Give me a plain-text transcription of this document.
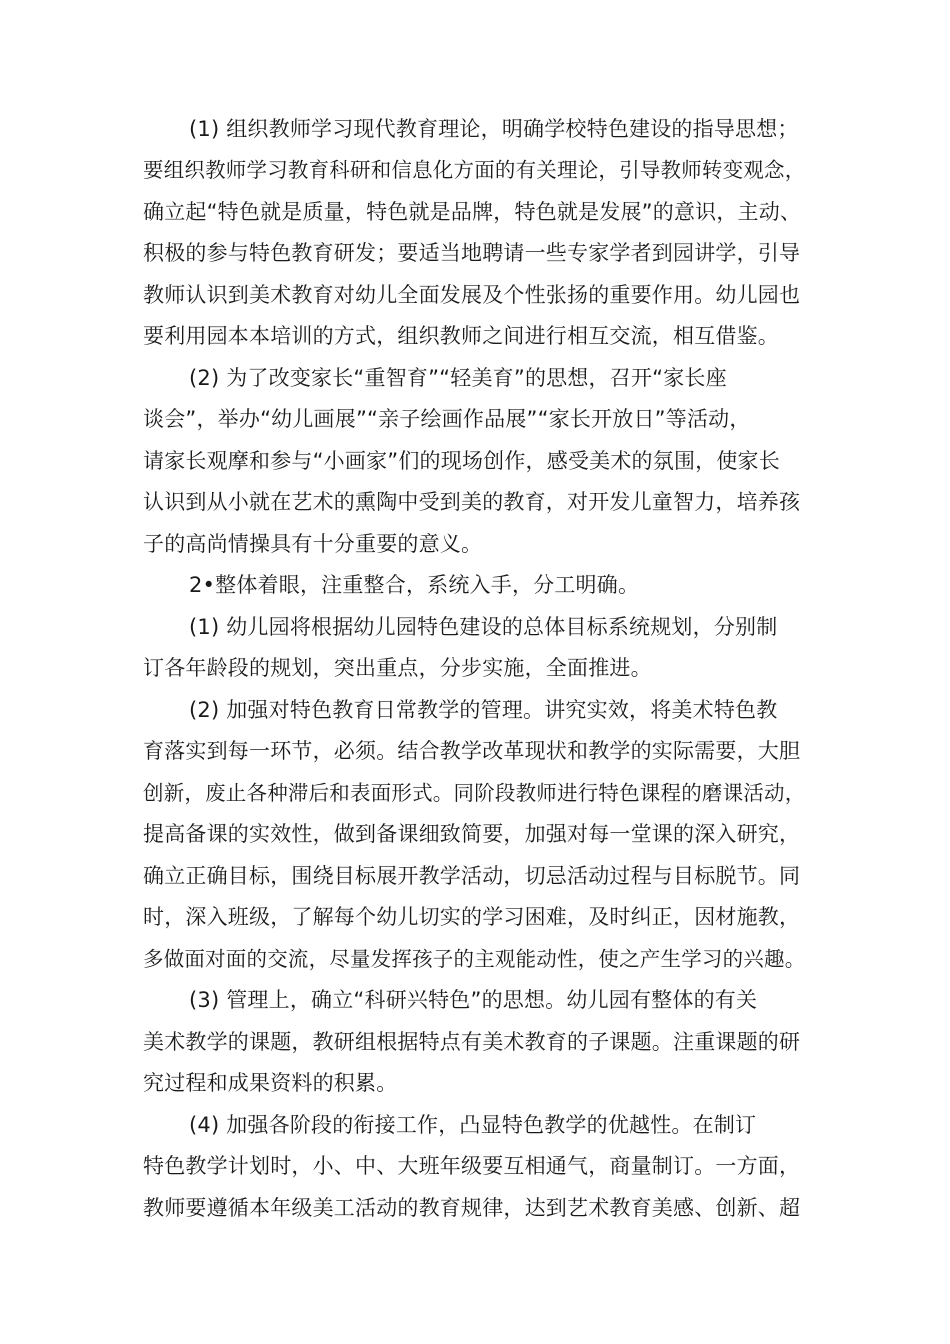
(1) 组织教师学习现代教育理论，明确学校特色建设的指导思想；

要组织教师学习教育科研和信息化方面的有关理论，引导教师转变观念，

确立起“特色就是质量，特色就是品牌，特色就是发展”的意识，主动、

积极的参与特色教育研发；要适当地聘请一些专家学者到园讲学，引导

教师认识到美术教育对幼儿全面发展及个性张扬的重要作用。幼儿园也

要利用园本本培训的方式，组织教师之间进行相互交流，相互借鉴。

(2) 为了改变家长“重智育”“轻美育”的思想，召开“家长座

谈会”，举办“幼儿画展”“亲子绘画作品展”“家长开放日”等活动，

请家长观摩和参与“小画家”们的现场创作，感受美术的氛围，使家长

认识到从小就在艺术的熏陶中受到美的教育，对开发儿童智力，培养孩

子的高尚情操具有十分重要的意义。

2•整体着眼，注重整合，系统入手，分工明确。

(1) 幼儿园将根据幼儿园特色建设的总体目标系统规划，分别制

订各年龄段的规划，突出重点，分步实施，全面推进。

(2) 加强对特色教育日常教学的管理。讲究实效，将美术特色教

育落实到每一环节，必须。结合教学改革现状和教学的实际需要，大胆

创新，废止各种滞后和表面形式。同阶段教师进行特色课程的磨课活动，

提高备课的实效性，做到备课细致简要，加强对每一堂课的深入研究，

确立正确目标，围绕目标展开教学活动，切忌活动过程与目标脱节。同

时，深入班级，了解每个幼儿切实的学习困难，及时纠正，因材施教，

多做面对面的交流，尽量发挥孩子的主观能动性，使之产生学习的兴趣。

(3) 管理上，确立“科研兴特色”的思想。幼儿园有整体的有关

美术教学的课题，教研组根据特点有美术教育的子课题。注重课题的研

究过程和成果资料的积累。

(4) 加强各阶段的衔接工作，凸显特色教学的优越性。在制订

特色教学计划时，小、中、大班年级要互相通气，商量制订。一方面，

教师要遵循本年级美工活动的教育规律，达到艺术教育美感、创新、超
